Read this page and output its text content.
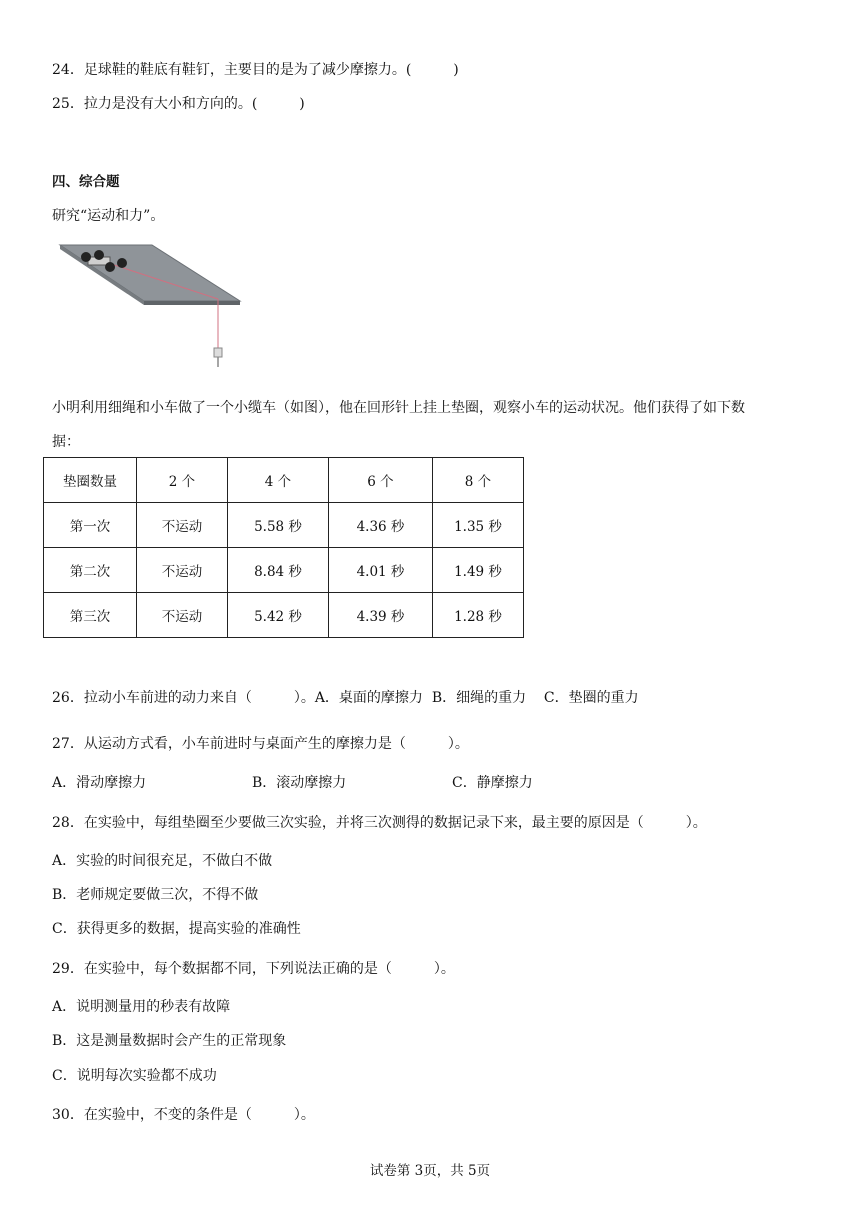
24．足球鞋的鞋底有鞋钉，主要目的是为了减少摩擦力。(　　　)
25．拉力是没有大小和方向的。(　　　)
四、综合题
研究“运动和力”。
小明利用细绳和小车做了一个小缆车（如图），他在回形针上挂上垫圈，观察小车的运动状况。他们获得了如下数
据：
垫圈数量	2 个	4 个	6 个	8 个
第一次	不运动	5.58 秒	4.36 秒	1.35 秒
第二次	不运动	8.84 秒	4.01 秒	1.49 秒
第三次	不运动	5.42 秒	4.39 秒	1.28 秒
26．拉动小车前进的动力来自（　　　）。A．桌面的摩擦力  B．细绳的重力    C．垫圈的重力
27．从运动方式看，小车前进时与桌面产生的摩擦力是（　　　）。
A．滑动摩擦力	B．滚动摩擦力	C．静摩擦力
28．在实验中，每组垫圈至少要做三次实验，并将三次测得的数据记录下来，最主要的原因是（　　　）。
A．实验的时间很充足，不做白不做
B．老师规定要做三次，不得不做
C．获得更多的数据，提高实验的准确性
29．在实验中，每个数据都不同，下列说法正确的是（　　　）。
A．说明测量用的秒表有故障
B．这是测量数据时会产生的正常现象
C．说明每次实验都不成功
30．在实验中，不变的条件是（　　　）。
试卷第 3页，共 5页
